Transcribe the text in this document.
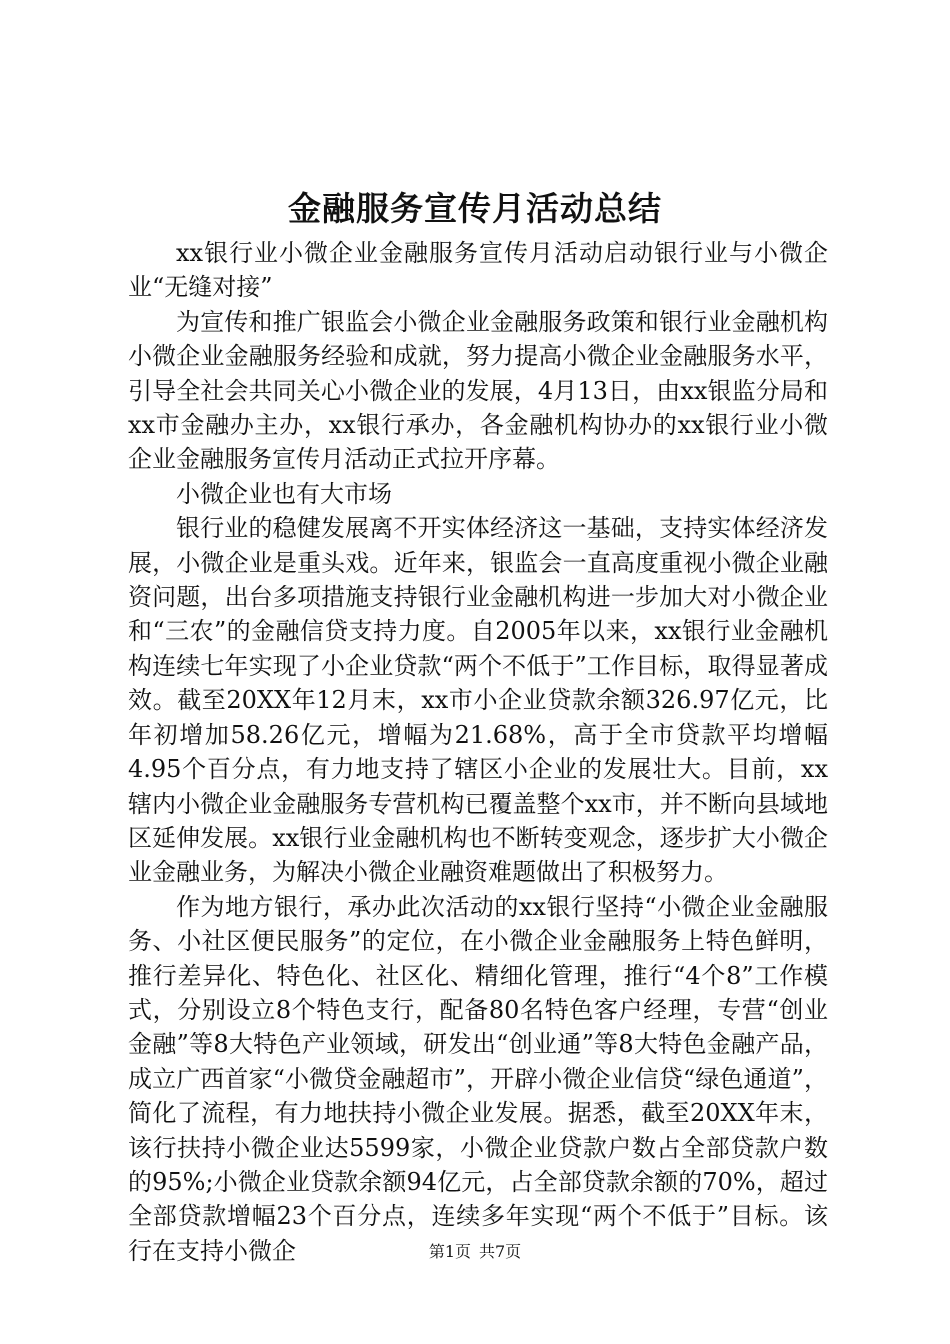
金融服务宣传月活动总结

xx银行业小微企业金融服务宣传月活动启动银行业与小微企业“无缝对接”

为宣传和推广银监会小微企业金融服务政策和银行业金融机构小微企业金融服务经验和成就，努力提高小微企业金融服务水平，引导全社会共同关心小微企业的发展，4月13日，由xx银监分局和xx市金融办主办，xx银行承办，各金融机构协办的xx银行业小微企业金融服务宣传月活动正式拉开序幕。

小微企业也有大市场

银行业的稳健发展离不开实体经济这一基础，支持实体经济发展，小微企业是重头戏。近年来，银监会一直高度重视小微企业融资问题，出台多项措施支持银行业金融机构进一步加大对小微企业和“三农”的金融信贷支持力度。自2005年以来，xx银行业金融机构连续七年实现了小企业贷款“两个不低于”工作目标，取得显著成效。截至20XX年12月末，xx市小企业贷款余额326.97亿元，比年初增加58.26亿元，增幅为21.68%，高于全市贷款平均增幅4.95个百分点，有力地支持了辖区小企业的发展壮大。目前，xx辖内小微企业金融服务专营机构已覆盖整个xx市，并不断向县域地区延伸发展。xx银行业金融机构也不断转变观念，逐步扩大小微企业金融业务，为解决小微企业融资难题做出了积极努力。

作为地方银行，承办此次活动的xx银行坚持“小微企业金融服务、小社区便民服务”的定位，在小微企业金融服务上特色鲜明，推行差异化、特色化、社区化、精细化管理，推行“4个8”工作模式，分别设立8个特色支行，配备80名特色客户经理，专营“创业金融”等8大特色产业领域，研发出“创业通”等8大特色金融产品，成立广西首家“小微贷金融超市”，开辟小微企业信贷“绿色通道”，简化了流程，有力地扶持小微企业发展。据悉，截至20XX年末，该行扶持小微企业达5599家，小微企业贷款户数占全部贷款户数的95%;小微企业贷款余额94亿元，占全部贷款余额的70%，超过全部贷款增幅23个百分点，连续多年实现“两个不低于”目标。该行在支持小微企	第1页 共7页
